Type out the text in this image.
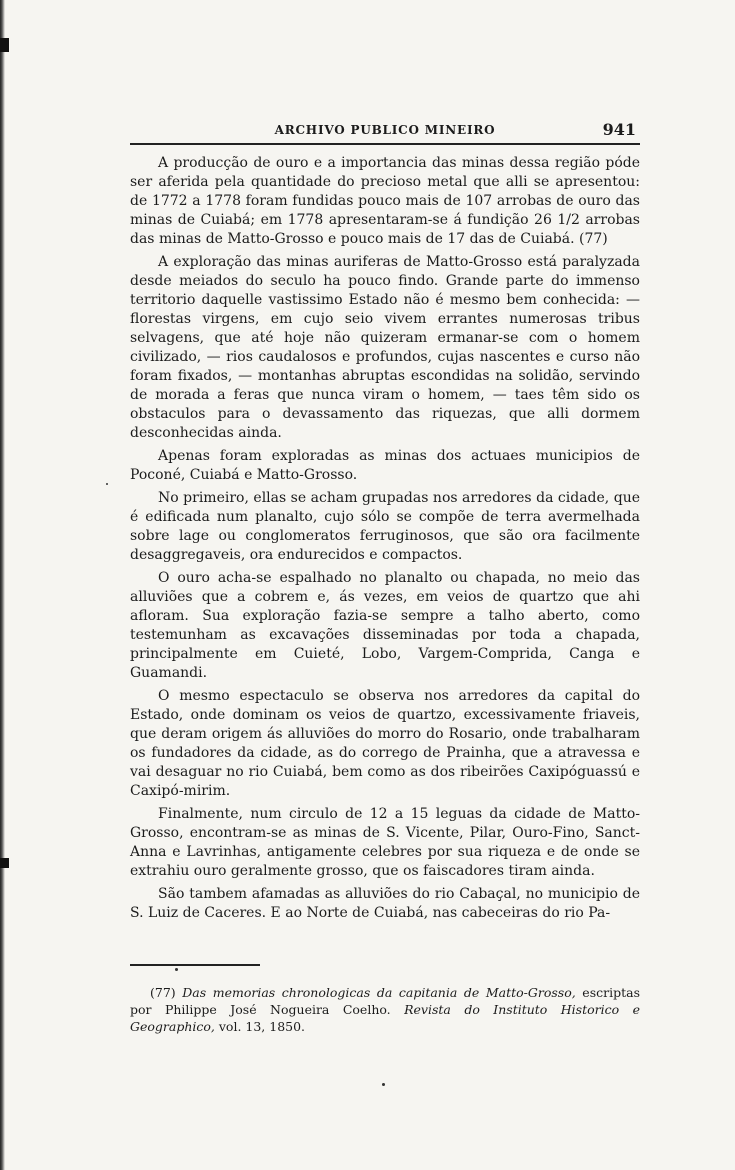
ARCHIVO PUBLICO MINEIRO	941

A producção de ouro e a importancia das minas dessa região póde ser aferida pela quantidade do precioso metal que alli se apresentou: de 1772 a 1778 foram fundidas pouco mais de 107 arrobas de ouro das minas de Cuiabá; em 1778 apresentaram-se á fundição 26 1/2 arrobas das minas de Matto-Grosso e pouco mais de 17 das de Cuiabá. (77)

A exploração das minas auriferas de Matto-Grosso está paralyzada desde meiados do seculo ha pouco findo. Grande parte do immenso territorio daquelle vastissimo Estado não é mesmo bem conhecida: — florestas virgens, em cujo seio vivem errantes numerosas tribus selvagens, que até hoje não quizeram ermanar-se com o homem civilizado, — rios caudalosos e profundos, cujas nascentes e curso não foram fixados, — montanhas abruptas escondidas na solidão, servindo de morada a feras que nunca viram o homem, — taes têm sido os obstaculos para o devassamento das riquezas, que alli dormem desconhecidas ainda.

Apenas foram exploradas as minas dos actuaes municipios de Poconé, Cuiabá e Matto-Grosso.

No primeiro, ellas se acham grupadas nos arredores da cidade, que é edificada num planalto, cujo sólo se compõe de terra avermelhada sobre lage ou conglomeratos ferruginosos, que são ora facilmente desaggregaveis, ora endurecidos e compactos.

O ouro acha-se espalhado no planalto ou chapada, no meio das alluviões que a cobrem e, ás vezes, em veios de quartzo que ahi afloram. Sua exploração fazia-se sempre a talho aberto, como testemunham as excavações disseminadas por toda a chapada, principalmente em Cuieté, Lobo, Vargem-Comprida, Canga e Guamandi.

O mesmo espectaculo se observa nos arredores da capital do Estado, onde dominam os veios de quartzo, excessivamente friaveis, que deram origem ás alluviões do morro do Rosario, onde trabalharam os fundadores da cidade, as do corrego de Prainha, que a atravessa e vai desaguar no rio Cuiabá, bem como as dos ribeirões Caxipóguassú e Caxipó-mirim.

Finalmente, num circulo de 12 a 15 leguas da cidade de Matto-Grosso, encontram-se as minas de S. Vicente, Pilar, Ouro-Fino, Sanct-Anna e Lavrinhas, antigamente celebres por sua riqueza e de onde se extrahiu ouro geralmente grosso, que os faiscadores tiram ainda.

São tambem afamadas as alluviões do rio Cabaçal, no municipio de S. Luiz de Caceres. E ao Norte de Cuiabá, nas cabeceiras do rio Pa-

(77) Das memorias chronologicas da capitania de Matto-Grosso, escriptas por Philippe José Nogueira Coelho. Revista do Instituto Historico e Geographico, vol. 13, 1850.
